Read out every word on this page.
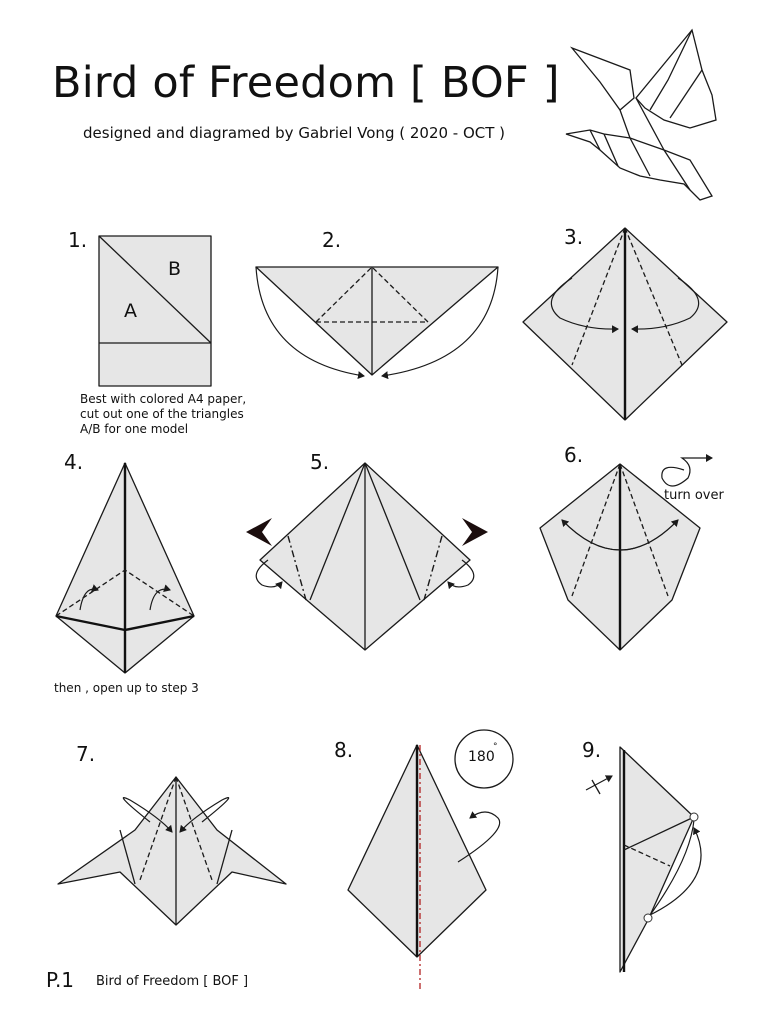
Bird of Freedom [ BOF ]
designed and diagramed by Gabriel Vong ( 2020 - OCT )
1.
A
B
Best with colored A4 paper,
cut out one of the triangles
A/B for one model
2.	3.
4.
then , open up to step 3
5.	6.
turn over
7.	8.	180
°	9.
P.1 Bird of Freedom [ BOF ]
